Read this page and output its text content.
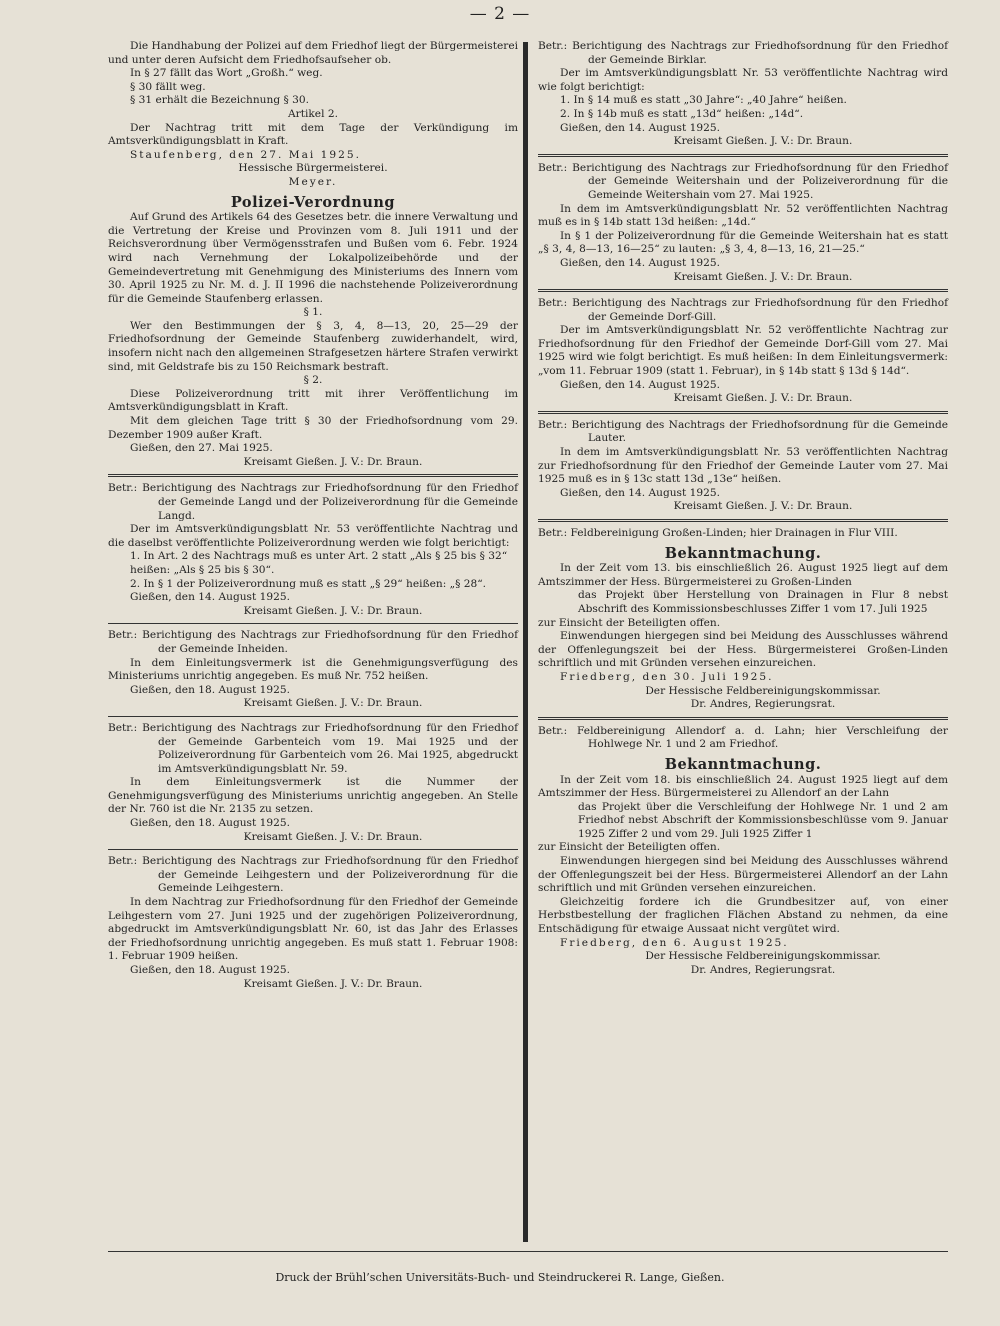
— 2 —

Die Handhabung der Polizei auf dem Friedhof liegt der Bürgermeisterei und unter deren Aufsicht dem Friedhofsaufseher ob.

In § 27 fällt das Wort „Großh.“ weg.

§ 30 fällt weg.

§ 31 erhält die Bezeichnung § 30.

Artikel 2.

Der Nachtrag tritt mit dem Tage der Verkündigung im Amtsverkündigungsblatt in Kraft.

Staufenberg, den 27. Mai 1925.

Hessische Bürgermeisterei.

Meyer.

Polizei-Verordnung

Auf Grund des Artikels 64 des Gesetzes betr. die innere Verwaltung und die Vertretung der Kreise und Provinzen vom 8. Juli 1911 und der Reichsverordnung über Vermögensstrafen und Bußen vom 6. Febr. 1924 wird nach Vernehmung der Lokalpolizeibehörde und der Gemeindevertretung mit Genehmigung des Ministeriums des Innern vom 30. April 1925 zu Nr. M. d. J. II 1996 die nachstehende Polizeiverordnung für die Gemeinde Staufenberg erlassen.

§ 1.

Wer den Bestimmungen der § 3, 4, 8—13, 20, 25—29 der Friedhofsordnung der Gemeinde Staufenberg zuwiderhandelt, wird, insofern nicht nach den allgemeinen Strafgesetzen härtere Strafen verwirkt sind, mit Geldstrafe bis zu 150 Reichsmark bestraft.

§ 2.

Diese Polizeiverordnung tritt mit ihrer Veröffentlichung im Amtsverkündigungsblatt in Kraft.

Mit dem gleichen Tage tritt § 30 der Friedhofsordnung vom 29. Dezember 1909 außer Kraft.

Gießen, den 27. Mai 1925.

Kreisamt Gießen. J. V.: Dr. Braun.

Betr.: Berichtigung des Nachtrags zur Friedhofsordnung für den Friedhof der Gemeinde Langd und der Polizeiverordnung für die Gemeinde Langd.

Der im Amtsverkündigungsblatt Nr. 53 veröffentlichte Nachtrag und die daselbst veröffentlichte Polizeiverordnung werden wie folgt berichtigt:

1. In Art. 2 des Nachtrags muß es unter Art. 2 statt „Als § 25 bis § 32“ heißen: „Als § 25 bis § 30“.

2. In § 1 der Polizeiverordnung muß es statt „§ 29“ heißen: „§ 28“.

Gießen, den 14. August 1925.

Kreisamt Gießen. J. V.: Dr. Braun.

Betr.: Berichtigung des Nachtrags zur Friedhofsordnung für den Friedhof der Gemeinde Inheiden.

In dem Einleitungsvermerk ist die Genehmigungsverfügung des Ministeriums unrichtig angegeben. Es muß Nr. 752 heißen.

Gießen, den 18. August 1925.

Kreisamt Gießen. J. V.: Dr. Braun.

Betr.: Berichtigung des Nachtrags zur Friedhofsordnung für den Friedhof der Gemeinde Garbenteich vom 19. Mai 1925 und der Polizeiverordnung für Garbenteich vom 26. Mai 1925, abgedruckt im Amtsverkündigungsblatt Nr. 59.

In dem Einleitungsvermerk ist die Nummer der Genehmigungsverfügung des Ministeriums unrichtig angegeben. An Stelle der Nr. 760 ist die Nr. 2135 zu setzen.

Gießen, den 18. August 1925.

Kreisamt Gießen. J. V.: Dr. Braun.

Betr.: Berichtigung des Nachtrags zur Friedhofsordnung für den Friedhof der Gemeinde Leihgestern und der Polizeiverordnung für die Gemeinde Leihgestern.

In dem Nachtrag zur Friedhofsordnung für den Friedhof der Gemeinde Leihgestern vom 27. Juni 1925 und der zugehörigen Polizeiverordnung, abgedruckt im Amtsverkündigungsblatt Nr. 60, ist das Jahr des Erlasses der Friedhofsordnung unrichtig angegeben. Es muß statt 1. Februar 1908: 1. Februar 1909 heißen.

Gießen, den 18. August 1925.

Kreisamt Gießen. J. V.: Dr. Braun.

Betr.: Berichtigung des Nachtrags zur Friedhofsordnung für den Friedhof der Gemeinde Birklar.

Der im Amtsverkündigungsblatt Nr. 53 veröffentlichte Nachtrag wird wie folgt berichtigt:

1. In § 14 muß es statt „30 Jahre“: „40 Jahre“ heißen.

2. In § 14b muß es statt „13d“ heißen: „14d“.

Gießen, den 14. August 1925.

Kreisamt Gießen. J. V.: Dr. Braun.

Betr.: Berichtigung des Nachtrags zur Friedhofsordnung für den Friedhof der Gemeinde Weitershain und der Polizeiverordnung für die Gemeinde Weitershain vom 27. Mai 1925.

In dem im Amtsverkündigungsblatt Nr. 52 veröffentlichten Nachtrag muß es in § 14b statt 13d heißen: „14d.“

In § 1 der Polizeiverordnung für die Gemeinde Weitershain hat es statt „§ 3, 4, 8—13, 16—25“ zu lauten: „§ 3, 4, 8—13, 16, 21—25.“

Gießen, den 14. August 1925.

Kreisamt Gießen. J. V.: Dr. Braun.

Betr.: Berichtigung des Nachtrags zur Friedhofsordnung für den Friedhof der Gemeinde Dorf-Gill.

Der im Amtsverkündigungsblatt Nr. 52 veröffentlichte Nachtrag zur Friedhofsordnung für den Friedhof der Gemeinde Dorf-Gill vom 27. Mai 1925 wird wie folgt berichtigt. Es muß heißen: In dem Einleitungsvermerk: „vom 11. Februar 1909 (statt 1. Februar), in § 14b statt § 13d § 14d“.

Gießen, den 14. August 1925.

Kreisamt Gießen. J. V.: Dr. Braun.

Betr.: Berichtigung des Nachtrags der Friedhofsordnung für die Gemeinde Lauter.

In dem im Amtsverkündigungsblatt Nr. 53 veröffentlichten Nachtrag zur Friedhofsordnung für den Friedhof der Gemeinde Lauter vom 27. Mai 1925 muß es in § 13c statt 13d „13e“ heißen.

Gießen, den 14. August 1925.

Kreisamt Gießen. J. V.: Dr. Braun.

Betr.: Feldbereinigung Großen-Linden; hier Drainagen in Flur VIII.

Bekanntmachung.

In der Zeit vom 13. bis einschließlich 26. August 1925 liegt auf dem Amtszimmer der Hess. Bürgermeisterei zu Großen-Linden

das Projekt über Herstellung von Drainagen in Flur 8 nebst Abschrift des Kommissionsbeschlusses Ziffer 1 vom 17. Juli 1925

zur Einsicht der Beteiligten offen.

Einwendungen hiergegen sind bei Meidung des Ausschlusses während der Offenlegungszeit bei der Hess. Bürgermeisterei Großen-Linden schriftlich und mit Gründen versehen einzureichen.

Friedberg, den 30. Juli 1925.

Der Hessische Feldbereinigungskommissar.

Dr. Andres, Regierungsrat.

Betr.: Feldbereinigung Allendorf a. d. Lahn; hier Verschleifung der Hohlwege Nr. 1 und 2 am Friedhof.

Bekanntmachung.

In der Zeit vom 18. bis einschließlich 24. August 1925 liegt auf dem Amtszimmer der Hess. Bürgermeisterei zu Allendorf an der Lahn

das Projekt über die Verschleifung der Hohlwege Nr. 1 und 2 am Friedhof nebst Abschrift der Kommissionsbeschlüsse vom 9. Januar 1925 Ziffer 2 und vom 29. Juli 1925 Ziffer 1

zur Einsicht der Beteiligten offen.

Einwendungen hiergegen sind bei Meidung des Ausschlusses während der Offenlegungszeit bei der Hess. Bürgermeisterei Allendorf an der Lahn schriftlich und mit Gründen versehen einzureichen.

Gleichzeitig fordere ich die Grundbesitzer auf, von einer Herbstbestellung der fraglichen Flächen Abstand zu nehmen, da eine Entschädigung für etwaige Aussaat nicht vergütet wird.

Friedberg, den 6. August 1925.

Der Hessische Feldbereinigungskommissar.

Dr. Andres, Regierungsrat.

Druck der Brühl’schen Universitäts-Buch- und Steindruckerei R. Lange, Gießen.
